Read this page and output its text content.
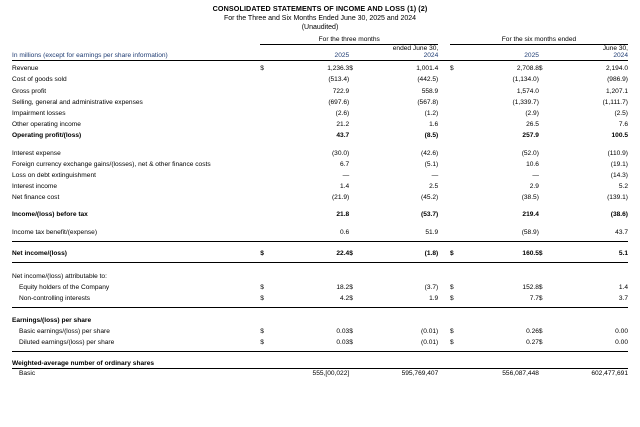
CONSOLIDATED STATEMENTS OF INCOME AND LOSS (1) (2)
For the Three and Six Months Ended June 30, 2025 and 2024
(Unaudited)

	For the three months					For the six months ended			

	ended June 30,					June 30,			
In millions (except for earnings per share information)		2025		2024			2025		2024

Revenue	$	1,236.3	$	1,001.4		$	2,708.8	$	2,194.0
Cost of goods sold		(513.4)		(442.5)			(1,134.0)		(986.9)
Gross profit		722.9		558.9			1,574.0		1,207.1
Selling, general and administrative expenses		(697.6)		(567.8)			(1,339.7)		(1,111.7)
Impairment losses		(2.6)		(1.2)			(2.9)		(2.5)
Other operating income		21.2		1.6			26.5		7.6
Operating profit/(loss)		43.7		(8.5)			257.9		100.5

Interest expense		(30.0)		(42.6)			(52.0)		(110.9)
Foreign currency exchange gains/(losses), net & other finance costs		6.7		(5.1)			10.6		(19.1)
Loss on debt extinguishment		—		—			—		(14.3)
Interest income		1.4		2.5			2.9		5.2
Net finance cost		(21.9)		(45.2)			(38.5)		(139.1)

Income/(loss) before tax		21.8		(53.7)			219.4		(38.6)

Income tax benefit/(expense)		0.6		51.9			(58.9)		43.7

Net income/(loss)	$	22.4	$	(1.8)		$	160.5	$	5.1

Net income/(loss) attributable to:									
Equity holders of the Company	$	18.2	$	(3.7)		$	152.8	$	1.4
Non-controlling interests	$	4.2	$	1.9		$	7.7	$	3.7

Earnings/(loss) per share									
Basic earnings/(loss) per share	$	0.03	$	(0.01)		$	0.26	$	0.00
Diluted earnings/(loss) per share	$	0.03	$	(0.01)		$	0.27	$	0.00

Weighted-average number of ordinary shares									

Basic		555,[00,022]		595,769,407			556,087,448		602,477,691
